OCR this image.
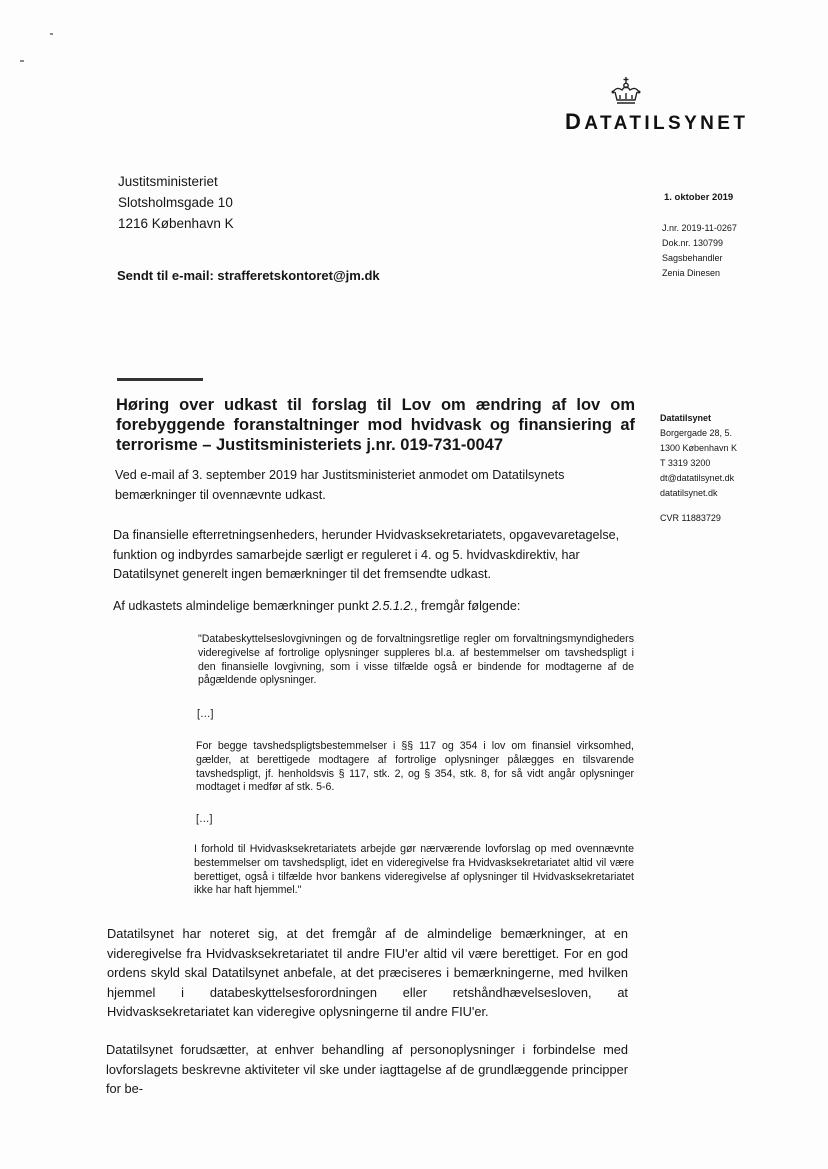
DATATILSYNET
Justitsministeriet
Slotsholmsgade 10
1216 København K
Sendt til e-mail: strafferetskontoret@jm.dk
1. oktober 2019
J.nr. 2019-11-0267
Dok.nr. 130799
Sagsbehandler
Zenia Dinesen
Datatilsynet
Borgergade 28, 5.
1300 København K
T 3319 3200
dt@datatilsynet.dk
datatilsynet.dk
CVR 11883729
Høring over udkast til forslag til Lov om ændring af lov om forebyggende foranstaltninger mod hvidvask og finansiering af terrorisme – Justitsministeriets j.nr. 019-731-0047
Ved e-mail af 3. september 2019 har Justitsministeriet anmodet om Datatilsynets bemærkninger til ovennævnte udkast.
Da finansielle efterretningsenheders, herunder Hvidvasksekretariatets, opgavevaretagelse, funktion og indbyrdes samarbejde særligt er reguleret i 4. og 5. hvidvaskdirektiv, har Datatilsynet generelt ingen bemærkninger til det fremsendte udkast.
Af udkastets almindelige bemærkninger punkt 2.5.1.2., fremgår følgende:
"Databeskyttelseslovgivningen og de forvaltningsretlige regler om forvaltningsmyndigheders videregivelse af fortrolige oplysninger suppleres bl.a. af bestemmelser om tavshedspligt i den finansielle lovgivning, som i visse tilfælde også er bindende for modtagerne af de pågældende oplysninger.
[…]
For begge tavshedspligtsbestemmelser i §§ 117 og 354 i lov om finansiel virksomhed, gælder, at berettigede modtagere af fortrolige oplysninger pålægges en tilsvarende tavshedspligt, jf. henholdsvis § 117, stk. 2, og § 354, stk. 8, for så vidt angår oplysninger modtaget i medfør af stk. 5-6.
[…]
I forhold til Hvidvasksekretariatets arbejde gør nærværende lovforslag op med ovennævnte bestemmelser om tavshedspligt, idet en videregivelse fra Hvidvasksekretariatet altid vil være berettiget, også i tilfælde hvor bankens videregivelse af oplysninger til Hvidvasksekretariatet ikke har haft hjemmel."
Datatilsynet har noteret sig, at det fremgår af de almindelige bemærkninger, at en videregivelse fra Hvidvasksekretariatet til andre FIU'er altid vil være berettiget. For en god ordens skyld skal Datatilsynet anbefale, at det præciseres i bemærkningerne, med hvilken hjemmel i databeskyttelsesforordningen eller retshåndhævelsesloven, at Hvidvasksekretariatet kan videregive oplysningerne til andre FIU'er.
Datatilsynet forudsætter, at enhver behandling af personoplysninger i forbindelse med lovforslagets beskrevne aktiviteter vil ske under iagttagelse af de grundlæggende principper for be-
